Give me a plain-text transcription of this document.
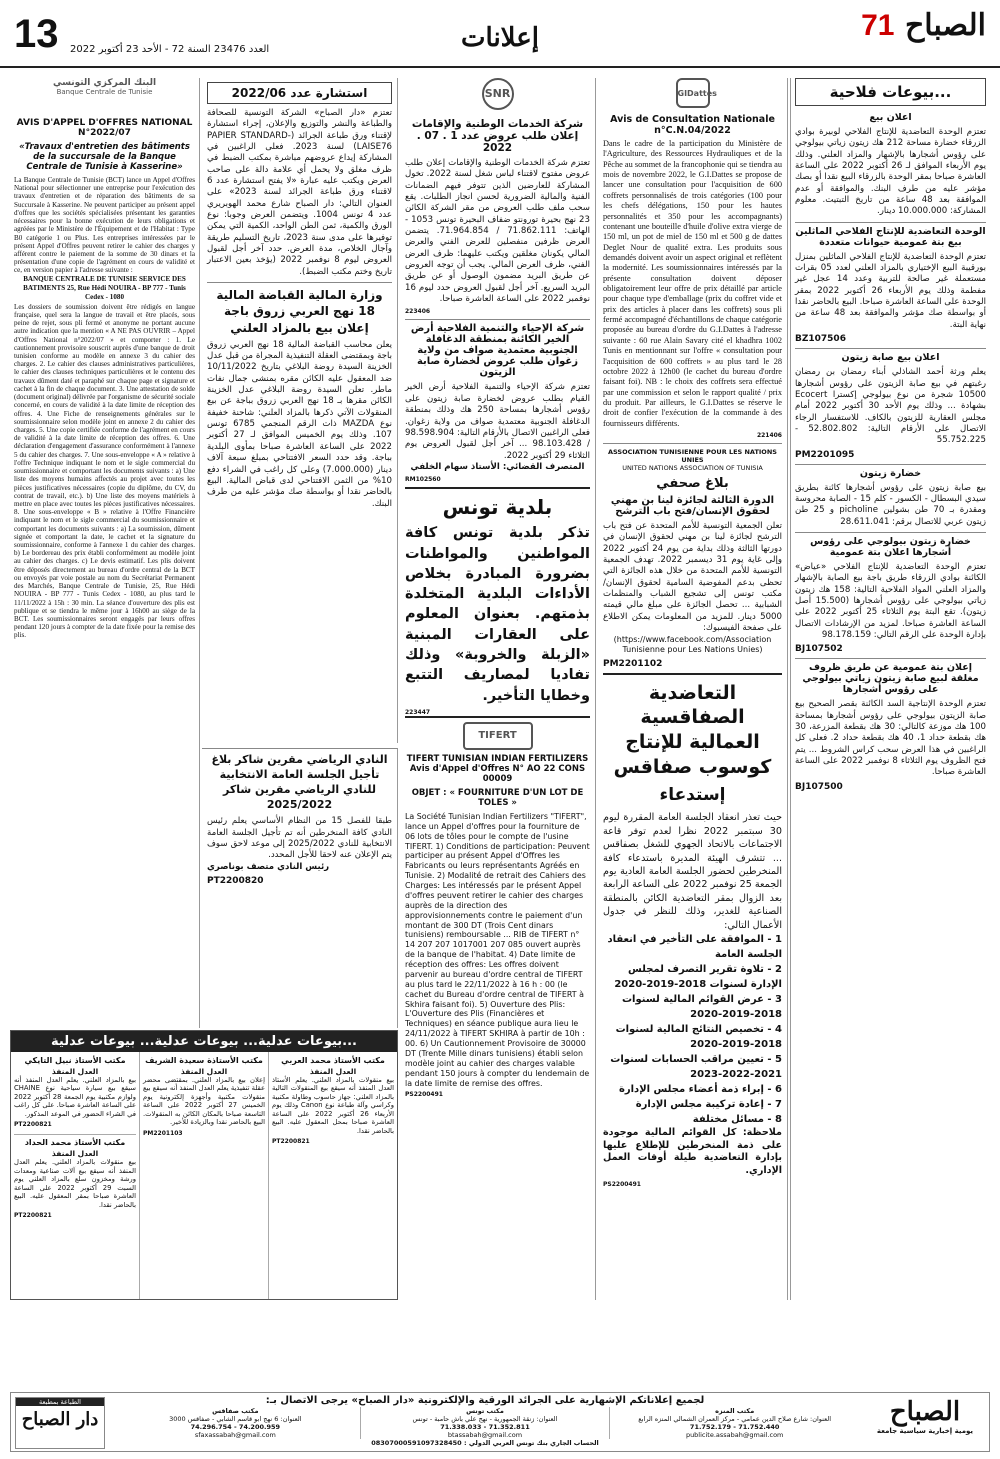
13 العدد 23476 السنة 72 - الأحد 23 أكتوبر 2022	إعلانات	71 الصباح
...بيوعات فلاحية
اعلان بيع
تعتزم الوحدة التعاضدية للإنتاج الفلاحي لوبيرة بوادي الزرقاء خضارة مساحة 212 هك زيتون زياتي بيولوجي على رؤوس أشجارها بالإشهار والمزاد العلني. وذلك يوم الأربعاء الموافق لـ 26 أكتوبر 2022 على الساعة العاشرة صباحا بمقر الوحدة بالزرقاء البيع نقدا أو بصك مؤشر عليه من طرف البنك. والموافقة أو عدم الموافقة بعد 48 ساعة من تاريخ التبتيت. معلوم المشاركة: 10.000.000 دينار.
الوحدة التعاضدية للإنتاج الفلاحي الماثلين بيع بتة عمومية حيوانات متعددة
تعتزم الوحدة التعاضدية للإنتاج الفلاحي الماثلين بمنزل بورقيبة البيع الإختياري بالمزاد العلني لعدد 05 بقرات مستعملة غير صالحة للتربية وعدد 14 عجل غير مفطمة وذلك يوم الأربعاء 26 أكتوبر 2022 بمقر الوحدة على الساعة العاشرة صباحا. البيع بالحاضر نقدا أو بواسطة صك مؤشر والموافقة بعد 48 ساعة من نهاية البتة.
BZ107506
اعلان بيع صابة زيتون
يعلم ورثة أحمد الشاذلي أبناء رمضان بن رمضان رغبتهم في بيع صابة الزيتون على رؤوس أشجارها 10500 شجرة من نوع بيولوجي إكسترا Ecocert بشهادة ... وذلك يوم الأحد 30 أكتوبر 2022 أمام مجلس العقارية للزيتون بالكاف. للاستفسار الرجاء الاتصال على الأرقام التالية: 52.802.802 - 55.752.225
PM2201095
خضارة زيتون
بيع صابة زيتون على رؤوس أشجارها كائنة بطريق سيدي البسطال - الكسور - كلم 15 - الصابة محروسة ومقدرة بـ 70 طن بشولين picholine و 25 طن زيتون عربي للاتصال برقم: 28.611.041
خضارة زيتون بيولوجي على رؤوس أشجارها اعلان بتة عمومية
تعتزم الوحدة التعاضدية للإنتاج الفلاحي «عياض» الكائنة بوادي الزرقاء طريق باجة بيع الصابة بالإشهار والمزاد العلني المواد الفلاحية التالية: 158 هك زيتون زياتي بيولوجي على رؤوس أشجارها (15.500 أصل زيتون). تقع البتة يوم الثلاثاء 25 أكتوبر 2022 على الساعة العاشرة صباحا. لمزيد من الإرشادات الاتصال بإدارة الوحدة على الرقم التالي: 98.178.159
BJ107502
إعلان بتة عمومية عن طريق ظروف مغلقة لبيع صابة زيتون زياتي بيولوجي على رؤوس أشجارها
تعتزم الوحدة الإنتاجية السد الكائنة بقصر الصحيح بيع صابة الزيتون بيولوجي على رؤوس أشجارها بمساحة 100 هك موزعة كالتالي: 30 هك بقطعة المزرعة، 30 هك بقطعة حداد 1، 40 هك بقطعة حداد 2. فعلى كل الراغبين في هذا العرض سحب كراس الشروط ... يتم فتح الظروف يوم الثلاثاء 8 نوفمبر 2022 على الساعة العاشرة صباحا.
BJ107500
GIDattes
Avis de Consultation Nationale
n°C.N.04/2022
Dans le cadre de la participation du Ministère de l'Agriculture, des Ressources Hydrauliques et de la Pêche au sommet de la francophonie qui se tiendra au mois de novembre 2022, le G.I.Dattes se propose de lancer une consultation pour l'acquisition de 600 coffrets personnalisés de trois catégories (100 pour les chefs délégations, 150 pour les hautes personnalités et 350 pour les accompagnants) contenant une bouteille d'huile d'olive extra vierge de 150 ml, un pot de miel de 150 ml et 500 g de dattes Deglet Nour de qualité extra. Les produits sous demandés doivent avoir un aspect original et reflètent la modernité. Les soumissionnaires intéressés par la présente consultation doivent déposer obligatoirement leur offre de prix détaillé par article pour chaque type d'emballage (prix du coffret vide et prix des articles à placer dans les coffrets) sous pli fermé accompagné d'échantillons de chaque catégorie proposée au bureau d'ordre du G.I.Dattes à l'adresse suivante : 60 rue Alain Savary cité el khadhra 1002 Tunis en mentionnant sur l'offre « consultation pour l'acquisition de 600 coffrets » au plus tard le 28 octobre 2022 à 12h00 (le cachet du bureau d'ordre faisant foi). NB : le choix des coffrets sera effectué par une commission et selon le rapport qualité / prix du produit. Par ailleurs, le G.I.Dattes se réserve le droit de confier l'exécution de la commande à des fournisseurs différents.
221406
ASSOCIATION TUNISIENNE POUR LES NATIONS UNIES
UNITED NATIONS ASSOCIATION OF TUNISIA
بلاغ صحفي
الدورة الثالثة لجائزة لينا بن مهني لحقوق الإنسان/فتح باب الترشح
تعلن الجمعية التونسية للأمم المتحدة عن فتح باب الترشح لجائزة لينا بن مهني لحقوق الإنسان في دورتها الثالثة وذلك بداية من يوم 24 أكتوبر 2022 وإلى غاية يوم 31 ديسمبر 2022. تهدف الجمعية التونسية للأمم المتحدة من خلال هذه الجائزة التي تحظى بدعم المفوضية السامية لحقوق الإنسان/مكتب تونس إلى تشجيع الشباب والمنظمات الشبابية ... تحصل الجائزة على مبلغ مالي قيمته 5000 دينار. للمزيد من المعلومات يمكن الاطلاع على صفحة الفيسبوك:
(https://www.facebook.com/Association Tunisienne pour Les Nations Unies)
PM2201102
التعاضدية الصفاقسية العمالية للإنتاج كوسوب صفاقس
إستدعاء
حيث تعذر انعقاد الجلسة العامة المقررة ليوم 30 سبتمبر 2022 نظرا لعدم توفر قاعة الاجتماعات بالاتحاد الجهوي للشغل بصفاقس ... تتشرف الهيئة المديرة باستدعاء كافة المنخرطين لحضور الجلسة العامة العادية يوم الجمعة 25 نوفمبر 2022 على الساعة الرابعة بعد الزوال بمقر التعاضدية الكائن بالمنطقة الصناعية للغدير، وذلك للنظر في جدول الأعمال التالي:
1 - الموافقة على التأخير في انعقاد الجلسة العامة
2 - تلاوة تقرير التصرف لمجلس الإدارة لسنوات 2018-2019-2020
3 - عرض القوائم المالية لسنوات 2018-2019-2020
4 - تخصيص النتائج المالية لسنوات 2018-2019-2020
5 - تعيين مراقب الحسابات لسنوات 2021-2022-2023
6 - إبراء ذمة أعضاء مجلس الإدارة
7 - إعادة تركيبة مجلس الإدارة
8 - مسائل مختلفة
ملاحظة: كل القوائم المالية موجودة على ذمة المنخرطين للإطلاع عليها بإدارة التعاضدية طيلة أوقات العمل الإداري.
PS2200491
SNR
شركة الخدمات الوطنية والإقامات إعلان طلب عروض عدد 1 . 07 . 2022
تعتزم شركة الخدمات الوطنية والإقامات إعلان طلب عروض مفتوح لاقتناء لباس شغل لسنة 2022. تخول المشاركة للعارضين الذين تتوفر فيهم الضمانات الفنية والمالية الضرورية لحسن انجاز الطلبات. يقع سحب ملف طلب العروض من مقر الشركة الكائن 23 نهج بحيرة تورونتو ضفاف البحيرة تونس 1053 - الهاتف: 71.862.111 / 71.964.854. يتضمن العرض ظرفين منفصلين للعرض الفني والعرض المالي يكونان مغلقين ويكتب عليهما: ظرف العرض الفني، ظرف العرض المالي. يجب أن توجه العروض عن طريق البريد مضمون الوصول أو عن طريق البريد السريع. آخر أجل لقبول العروض حدد ليوم 16 نوفمبر 2022 على الساعة العاشرة صباحا.
223406
شركة الإحياء والتنمية الفلاحية أرض الخير الكائنة بمنطقة الدغافلة الجنوبية معتمدية صواف من ولاية زغوان طلب عروض لخضارة صابة الزيتون
تعتزم شركة الإحياء والتنمية الفلاحية أرض الخير القيام بطلب عروض لخضارة صابة زيتون على رؤوس أشجارها بمساحة 250 هك وذلك بمنطقة الدغافلة الجنوبية معتمدية صواف من ولاية زغوان. فعلى الراغبين الاتصال بالأرقام التالية: 98.598.904 / 98.103.428 ... آخر أجل لقبول العروض يوم الثلاثاء 29 أكتوبر 2022.
المتصرف القضائي: الأستاذ سهام الخلفي
RM102560
بلدية تونس
تذكر بلدية تونس كافة المواطنين والمواطنات بضرورة المبادرة بخلاص الأداءات البلدية المتخلدة بذمتهم. بعنوان المعلوم على العقارات المبنية «الزبلة والخروبة» وذلك تفاديا لمصاريف التتبع وخطايا التأخير.
223447
TIFERT
TIFERT TUNISIAN INDIAN FERTILIZERS Avis d'Appel d'Offres N° AO 22 CONS 00009
OBJET : « FOURNITURE D'UN LOT DE TOLES »
La Société Tunisian Indian Fertilizers "TIFERT", lance un Appel d'offres pour la fourniture de 06 lots de tôles pour le compte de l'usine TIFERT. 1) Conditions de participation: Peuvent participer au présent Appel d'Offres les Fabricants ou leurs représentants Agréés en Tunisie. 2) Modalité de retrait des Cahiers des Charges: Les intéressés par le présent Appel d'offres peuvent retirer le cahier des charges auprès de la direction des approvisionnements contre le paiement d'un montant de 300 DT (Trois Cent dinars tunisiens) remboursable ... RIB de TIFERT n° 14 207 207 1017001 207 085 ouvert auprès de la banque de l'habitat. 4) Date limite de réception des offres: Les offres doivent parvenir au bureau d'ordre central de TIFERT au plus tard le 22/11/2022 à 16 h : 00 (le cachet du Bureau d'ordre central de TIFERT à Skhira faisant foi). 5) Ouverture des Plis: L'Ouverture des Plis (Financières et Techniques) en séance publique aura lieu le 24/11/2022 à TIFERT SKHIRA à partir de 10h : 00. 6) Un Cautionnement Provisoire de 30000 DT (Trente Mille dinars tunisiens) établi selon modèle joint au cahier des charges valable pendant 150 jours à compter du lendemain de la date limite de remise des offres.
PS2200491
استشارة عدد 2022/06
تعتزم «دار الصباح» الشركة التونسية للصحافة والطباعة والنشر والتوزيع والإعلان، إجراء استشارة لإقتناء ورق طباعة الجرائد (PAPIER STANDARD-LAISE76) لسنة 2023. فعلى الراغبين في المشاركة إيداع عروضهم مباشرة بمكتب الضبط في ظرف مغلق ولا يحمل أي علامة دالة على صاحب العرض ويكتب عليه عبارة «لا يفتح استشارة عدد 6 لاقتناء ورق طباعة الجرائد لسنة 2023» على العنوان التالي: دار الصباح شارع محمد الهوبريري عدد 4 تونس 1004. ويتضمن العرض وجوبا: نوع الورق والكمية، ثمن الطن الواحد، الكمية التي يمكن توفيرها على مدى سنة 2023، تاريخ التسليم طريقة وآجال الخلاص، مدة العرض. حدد آخر أجل لقبول العروض ليوم 8 نوفمبر 2022 (يؤخذ بعين الاعتبار تاريخ وختم مكتب الضبط).
وزارة المالية القباضة المالية 18 نهج العربي زروق باجة إعلان بيع بالمزاد العلني
يعلن محاسب القباضة المالية 18 نهج العربي زروق باجة وبمقتضى العقلة التنفيذية المجراة من قبل عدل الخزينة السيدة روضة البلاغي بتاريخ 10/11/2022 ضد المعقول عليه الكائن مقره بمنشى جمال نفات ماطر. تعلن السيدة روضة البلاغي عدل الخزينة الكائن مقرها بـ 18 نهج العربي زروق بباجة عن بيع المنقولات الآتي ذكرها بالمزاد العلني: شاحنة خفيفة نوع MAZDA ذات الرقم المنجمي 6785 تونس 107. وذلك يوم الخميس الموافق لـ 27 أكتوبر 2022 على الساعة العاشرة صباحا بمأوى البلدية بباجة. وقد حدد السعر الافتتاحي بمبلغ سبعة آلاف دينار (7.000.000) وعلى كل راغب في الشراء دفع 10% من الثمن الافتتاحي لدى قباض المالية. البيع بالحاضر نقدا أو بواسطة صك مؤشر عليه من طرف البنك.
النادي الرياضي مقرين شاكر بلاغ تأجيل الجلسة العامة الانتخابية للنادي الرياضي مقرين شاكر 2025/2022
طبقا للفصل 15 من النظام الأساسي يعلم رئيس النادي كافة المنخرطين أنه تم تأجيل الجلسة العامة الانتخابية للنادي 2025/2022 إلى موعد لاحق سوف يتم الإعلان عنه لاحقا للأجل المحدد.
رئيس النادي متصف بوناصري
PT2200820
البنك المركزي التونسي
Banque Centrale de Tunisie
AVIS D'APPEL D'OFFRES NATIONAL N°2022/07
«Travaux d'entretien des bâtiments de la succursale de la Banque Centrale de Tunisie à Kasserine»
La Banque Centrale de Tunisie (BCT) lance un Appel d'Offres National pour sélectionner une entreprise pour l'exécution des travaux d'entretien et de réparation des bâtiments de sa Succursale à Kasserine. Ne peuvent participer au présent appel d'offres que les sociétés spécialisées présentant les garanties nécessaires pour la bonne exécution de leurs obligations et agréées par le Ministère de l'Équipement et de l'Habitat : Type B0 catégorie 1 ou Plus. Les entreprises intéressées par le présent Appel d'Offres peuvent retirer le cahier des charges y afférent contre le paiement de la somme de 30 dinars et la présentation d'une copie de l'agrément en cours de validité et ce, en version papier à l'adresse suivante :
BANQUE CENTRALE DE TUNISIE SERVICE DES BATIMENTS 25, Rue Hédi NOUIRA - BP 777 - Tunis Cedex - 1080
Les dossiers de soumission doivent être rédigés en langue française, quel sera la langue de travail et être placés, sous peine de rejet, sous pli fermé et anonyme ne portant aucune autre indication que la mention « A NE PAS OUVRIR – Appel d'Offres National n°2022/07 » et comporter : 1. Le cautionnement provisoire souscrit auprès d'une banque de droit tunisien conforme au modèle en annexe 3 du cahier des charges. 2. Le cahier des clauses administratives particulières, le cahier des clauses techniques particulières et le contenu des travaux dûment daté et paraphé sur chaque page et signature et cachet à la fin de chaque document. 3. Une attestation de solde (document original) délivrée par l'organisme de sécurité sociale concerné, en cours de validité à la date limite de réception des offres. 4. Une Fiche de renseignements générales sur le soumissionnaire selon modèle joint en annexe 2 du cahier des charges. 5. Une copie certifiée conforme de l'agrément en cours de validité à la date limite de réception des offres. 6. Une déclaration d'engagement d'assurance conformément à l'annexe 5 du cahier des charges. 7. Une sous-enveloppe « A » relative à l'offre Technique indiquant le nom et le sigle commercial du soumissionnaire et comportant les documents suivants : a) Une liste des moyens humains affectés au projet avec toutes les pièces justificatives nécessaires (copie du diplôme, du CV, du contrat de travail, etc.). b) Une liste des moyens matériels à mettre en place avec toutes les pièces justificatives nécessaires. 8. Une sous-enveloppe « B » relative à l'Offre Financière indiquant le nom et le sigle commercial du soumissionnaire et comportant les documents suivants : a) La soumission, dûment signée et comportant la date, le cachet et la signature du soumissionnaire, conforme à l'annexe 1 du cahier des charges. b) Le bordereau des prix établi conformément au modèle joint au cahier des charges. c) Le devis estimatif. Les plis doivent être déposés directement au bureau d'ordre central de la BCT ou envoyés par voie postale au nom du Secrétariat Permanent des Marchés, Banque Centrale de Tunisie, 25, Rue Hédi NOUIRA - BP 777 - Tunis Cedex - 1080, au plus tard le 11/11/2022 à 15h : 30 min. La séance d'ouverture des plis est publique et se tiendra le même jour à 16h00 au siège de la BCT. Les soumissionnaires seront engagés par leurs offres pendant 120 jours à compter de la date fixée pour la remise des plis.
بيوعات عدلية... بيوعات عدلية... بيوعات عدلية...
مكتب الأستاذ محمد العربي
العدل المنفذ
بيع منقولات بالمزاد العلني. يعلم الأستاذ العدل المنفذ أنه سيقع بيع المنقولات التالية بالمزاد العلني: جهاز حاسوب وطاولة مكتبية وكراسي وآلة طباعة نوع Canon وذلك يوم الأربعاء 26 أكتوبر 2022 على الساعة العاشرة صباحا بمحل المعقول عليه. البيع بالحاضر نقدا.
PT2200821
مكتب الأستاذة سعيدة الشريف
العدل المنفذ
إعلان بيع بالمزاد العلني. بمقتضى محضر عقلة تنفيذية يعلم العدل المنفذ أنه سيقع بيع منقولات مكتبية وأجهزة إلكترونية يوم الخميس 27 أكتوبر 2022 على الساعة التاسعة صباحا بالمكان الكائن به المنقولات. البيع بالحاضر نقدا وبالزيادة للأخير.
PM2201103
مكتب الأستاذ نبيل التايكي
العدل المنفذ
بيع بالمزاد العلني. يعلم العدل المنفذ أنه سيقع بيع سيارة سياحية نوع CHAINE ولوازم مكتبية يوم الجمعة 28 أكتوبر 2022 على الساعة العاشرة صباحا. على كل راغب في الشراء الحضور في الموعد المذكور.
PT2200821
مكتب الأستاذ محمد الحداد
العدل المنفذ
بيع منقولات بالمزاد العلني. يعلم العدل المنفذ أنه سيقع بيع آلات صناعية ومعدات ورشة ومخزون سلع بالمزاد العلني يوم السبت 29 أكتوبر 2022 على الساعة العاشرة صباحا بمقر المعقول عليه. البيع بالحاضر نقدا.
PT2200821
الصباح
يومية إخبارية سياسية جامعة
الطباعة بمطبعة
دار الصباح
لجميع إعلاناتكم الإشهارية على الجرائد الورقية والإلكترونية «دار الصباح» يرجى الاتصال بـ:
مكتب المنزه
العنوان: شارع صلاح الدين عمامي - مركز العمران الشمالي المنزه الرابع
71.752.179 - 71.752.440
publicite.assabah@gmail.com
مكتب تونس
العنوان: زنقة الجمهورية - نهج علي باش حامبة - تونس
71.338.033 - 71.352.811
btassabah@gmail.com
مكتب صفاقس
العنوان: 6 نهج ابو قاسم الشابي - صفاقس 3000
74.296.754 - 74.200.959
sfaxassabah@gmail.com
الحساب الجاري بنك تونس العربي الدولي : 08307000591097328450
